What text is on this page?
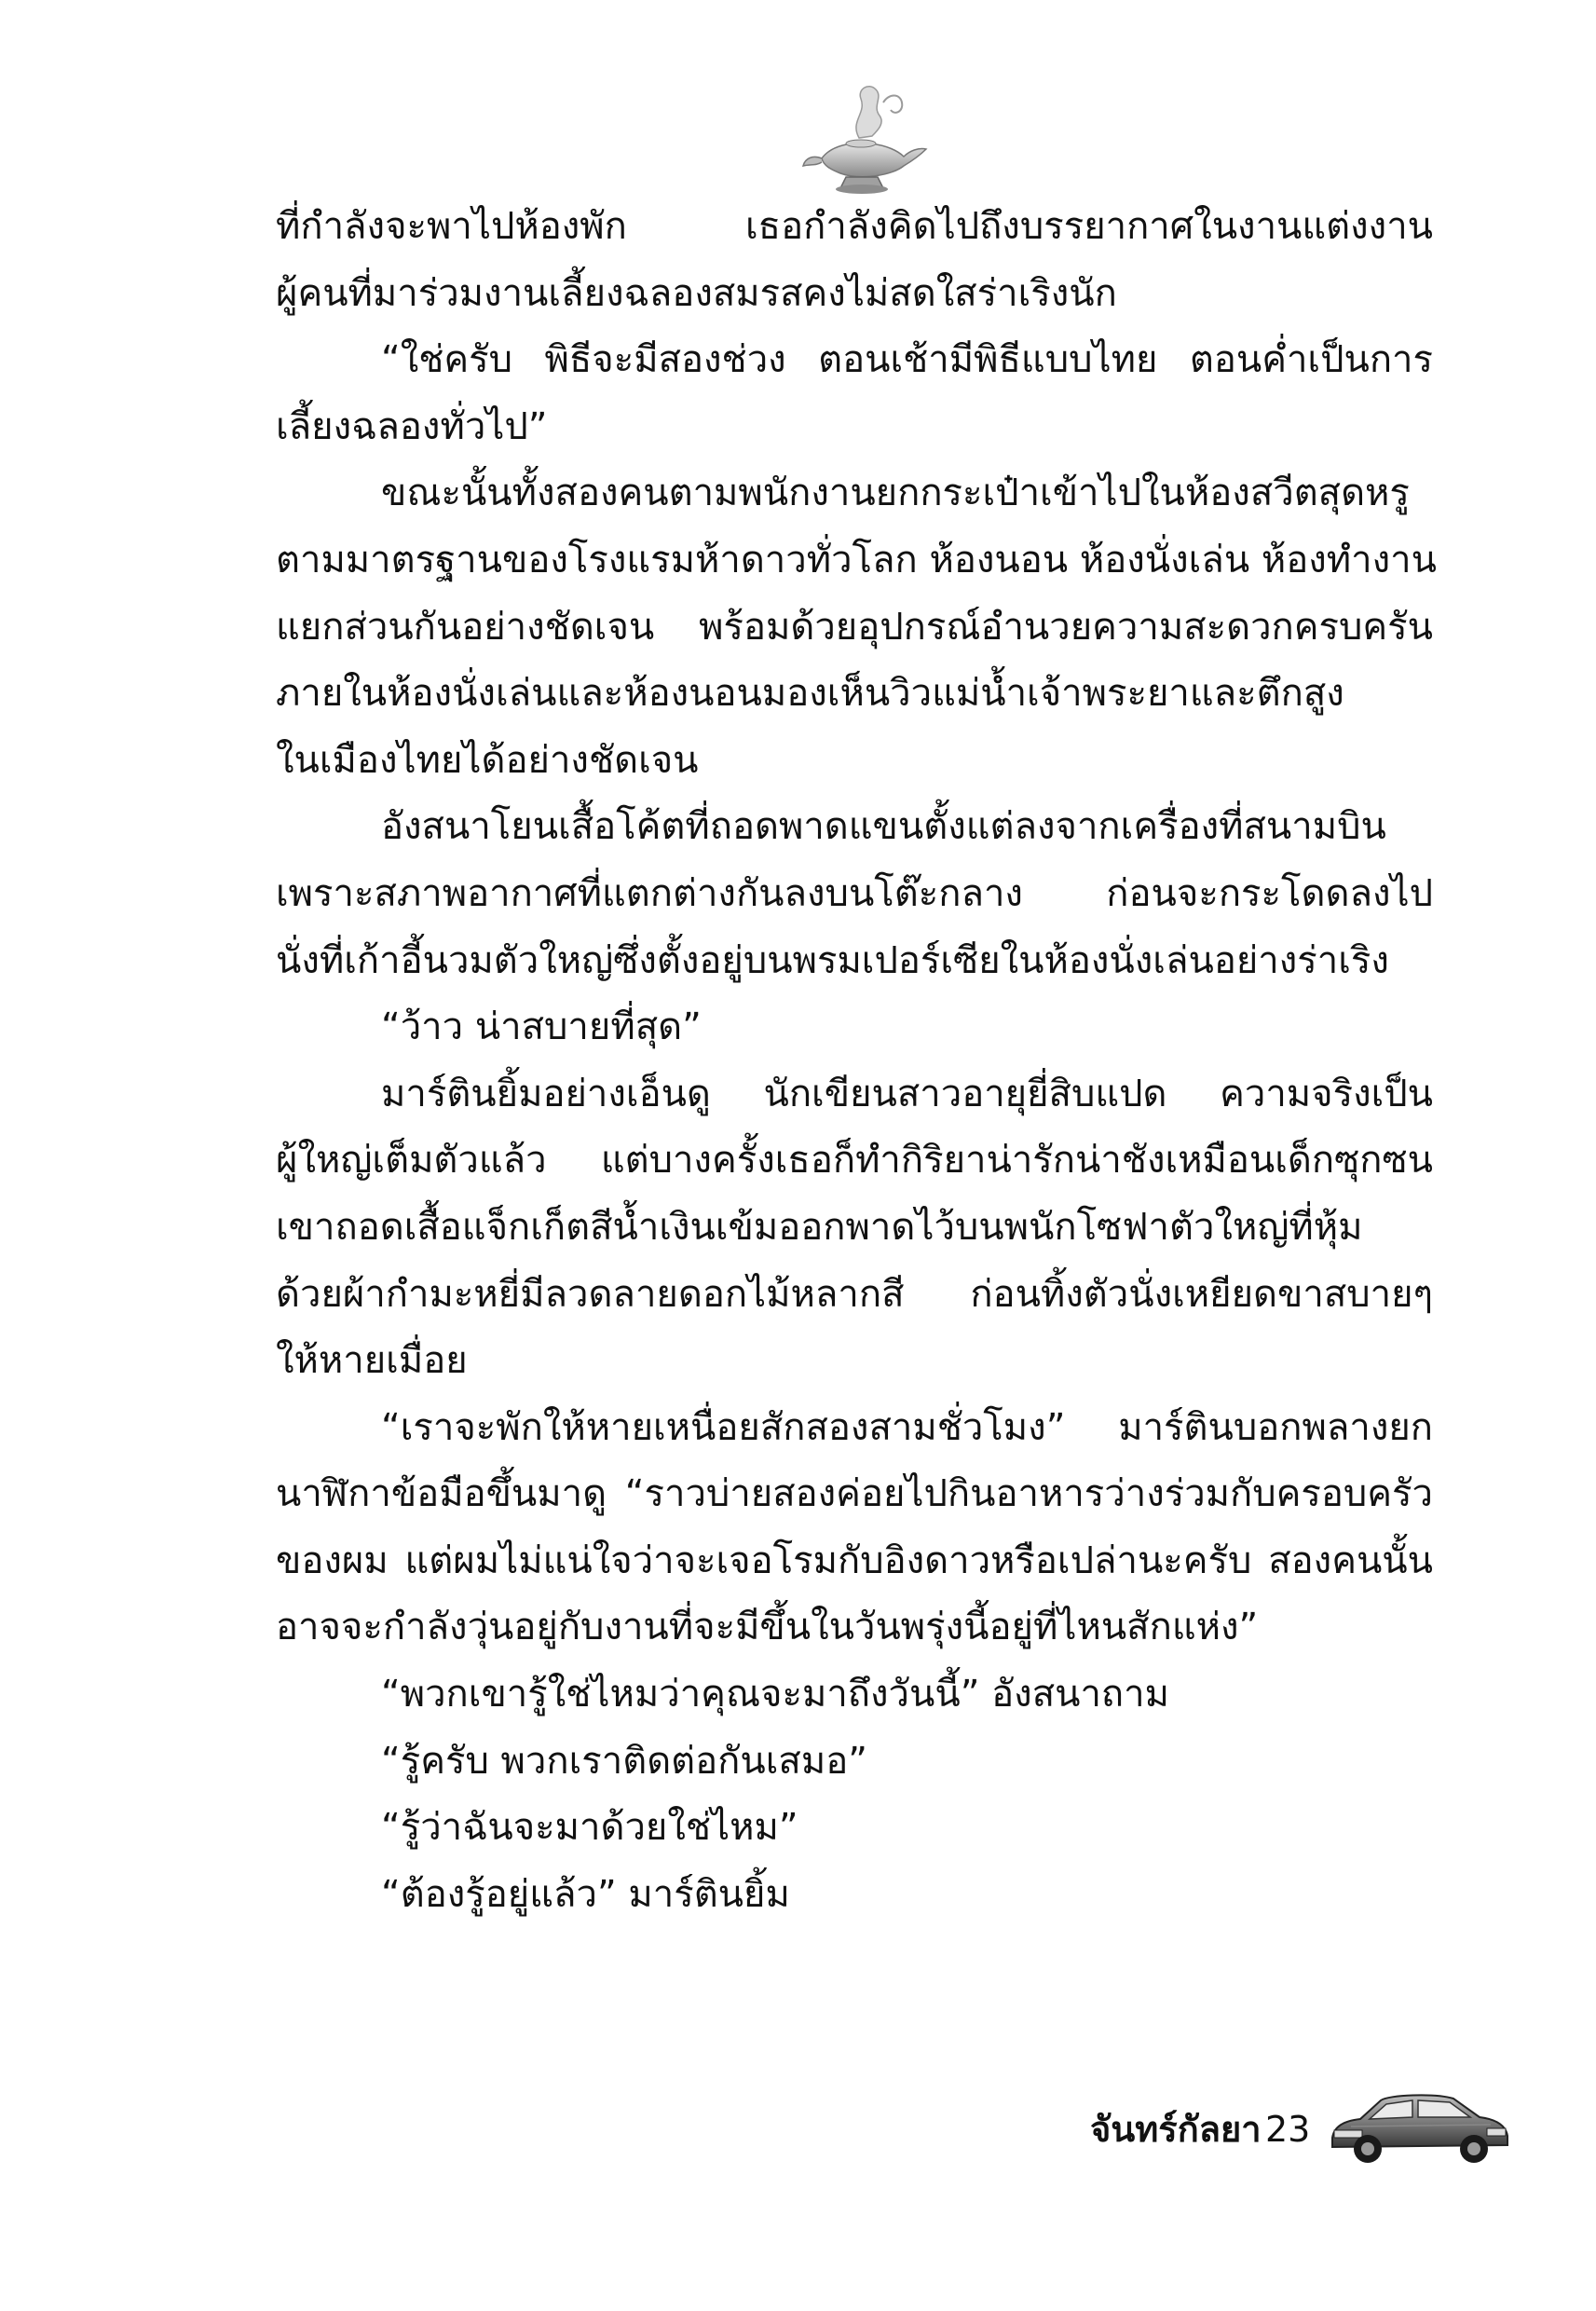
ที่กำลังจะพาไปห้องพัก เธอกำลังคิดไปถึงบรรยากาศในงานแต่งงาน
ผู้คนที่มาร่วมงานเลี้ยงฉลองสมรสคงไม่สดใสร่าเริงนัก
“ใช่ครับ พิธีจะมีสองช่วง ตอนเช้ามีพิธีแบบไทย ตอนค่ำเป็นการ
เลี้ยงฉลองทั่วไป”
ขณะนั้นทั้งสองคนตามพนักงานยกกระเป๋าเข้าไปในห้องสวีตสุดหรู
ตามมาตรฐานของโรงแรมห้าดาวทั่วโลก ห้องนอน ห้องนั่งเล่น ห้องทำงาน
แยกส่วนกันอย่างชัดเจน พร้อมด้วยอุปกรณ์อำนวยความสะดวกครบครัน
ภายในห้องนั่งเล่นและห้องนอนมองเห็นวิวแม่น้ำเจ้าพระยาและตึกสูง
ในเมืองไทยได้อย่างชัดเจน
อังสนาโยนเสื้อโค้ตที่ถอดพาดแขนตั้งแต่ลงจากเครื่องที่สนามบิน
เพราะสภาพอากาศที่แตกต่างกันลงบนโต๊ะกลาง ก่อนจะกระโดดลงไป
นั่งที่เก้าอี้นวมตัวใหญ่ซึ่งตั้งอยู่บนพรมเปอร์เซียในห้องนั่งเล่นอย่างร่าเริง
“ว้าว น่าสบายที่สุด”
มาร์ตินยิ้มอย่างเอ็นดู นักเขียนสาวอายุยี่สิบแปด ความจริงเป็น
ผู้ใหญ่เต็มตัวแล้ว แต่บางครั้งเธอก็ทำกิริยาน่ารักน่าชังเหมือนเด็กซุกซน
เขาถอดเสื้อแจ็กเก็ตสีน้ำเงินเข้มออกพาดไว้บนพนักโซฟาตัวใหญ่ที่หุ้ม
ด้วยผ้ากำมะหยี่มีลวดลายดอกไม้หลากสี ก่อนทิ้งตัวนั่งเหยียดขาสบายๆ
ให้หายเมื่อย
“เราจะพักให้หายเหนื่อยสักสองสามชั่วโมง” มาร์ตินบอกพลางยก
นาฬิกาข้อมือขึ้นมาดู “ราวบ่ายสองค่อยไปกินอาหารว่างร่วมกับครอบครัว
ของผม แต่ผมไม่แน่ใจว่าจะเจอโรมกับอิงดาวหรือเปล่านะครับ สองคนนั้น
อาจจะกำลังวุ่นอยู่กับงานที่จะมีขึ้นในวันพรุ่งนี้อยู่ที่ไหนสักแห่ง”
“พวกเขารู้ใช่ไหมว่าคุณจะมาถึงวันนี้” อังสนาถาม
“รู้ครับ พวกเราติดต่อกันเสมอ”
“รู้ว่าฉันจะมาด้วยใช่ไหม”
“ต้องรู้อยู่แล้ว” มาร์ตินยิ้ม
จันทร์กัลยา 23
